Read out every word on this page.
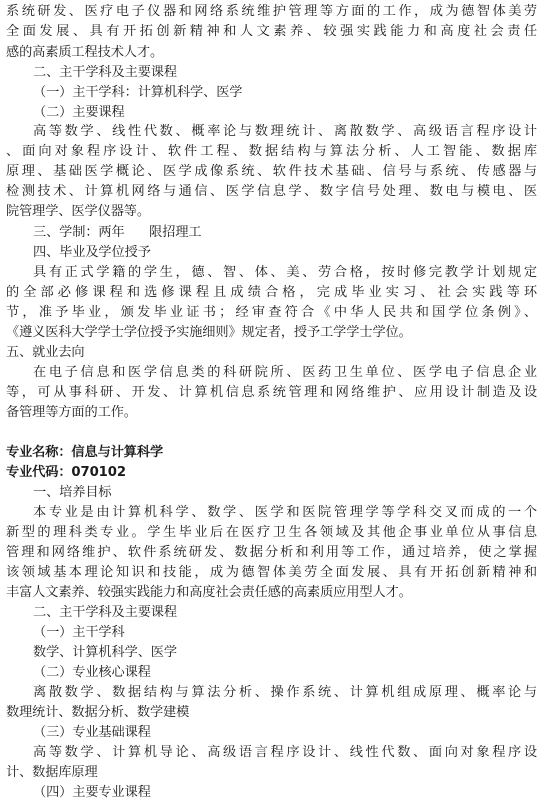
系统研发、医疗电子仪器和网络系统维护管理等方面的工作，成为德智体美劳
全面发展、具有开拓创新精神和人文素养、较强实践能力和高度社会责任
感的高素质工程技术人才。
二、主干学科及主要课程
（一）主干学科：计算机科学、医学
（二）主要课程
高等数学、线性代数、概率论与数理统计、离散数学、高级语言程序设计
、面向对象程序设计、软件工程、数据结构与算法分析、人工智能、数据库
原理、基础医学概论、医学成像系统、软件技术基础、信号与系统、传感器与
检测技术、计算机网络与通信、医学信息学、数字信号处理、数电与模电、医
院管理学、医学仪器等。
三、学制：两年      限招理工
四、毕业及学位授予
具有正式学籍的学生，德、智、体、美、劳合格，按时修完教学计划规定
的全部必修课程和选修课程且成绩合格，完成毕业实习、社会实践等环
节，准予毕业，颁发毕业证书；经审查符合《中华人民共和国学位条例》、
《遵义医科大学学士学位授予实施细则》规定者，授予工学学士学位。
五、就业去向
在电子信息和医学信息类的科研院所、医药卫生单位、医学电子信息企业
等，可从事科研、开发、计算机信息系统管理和网络维护、应用设计制造及设
备管理等方面的工作。
专业名称：信息与计算科学
专业代码：070102
一、培养目标
本专业是由计算机科学、数学、医学和医院管理学等学科交叉而成的一个
新型的理科类专业。学生毕业后在医疗卫生各领域及其他企事业单位从事信息
管理和网络维护、软件系统研发、数据分析和利用等工作，通过培养，使之掌握
该领域基本理论知识和技能，成为德智体美劳全面发展、具有开拓创新精神和
丰富人文素养、较强实践能力和高度社会责任感的高素质应用型人才。
二、主干学科及主要课程
（一）主干学科
数学、计算机科学、医学
（二）专业核心课程
离散数学、数据结构与算法分析、操作系统、计算机组成原理、概率论与
数理统计、数据分析、数学建模
（三）专业基础课程
高等数学、计算机导论、高级语言程序设计、线性代数、面向对象程序设
计、数据库原理
（四）主要专业课程
